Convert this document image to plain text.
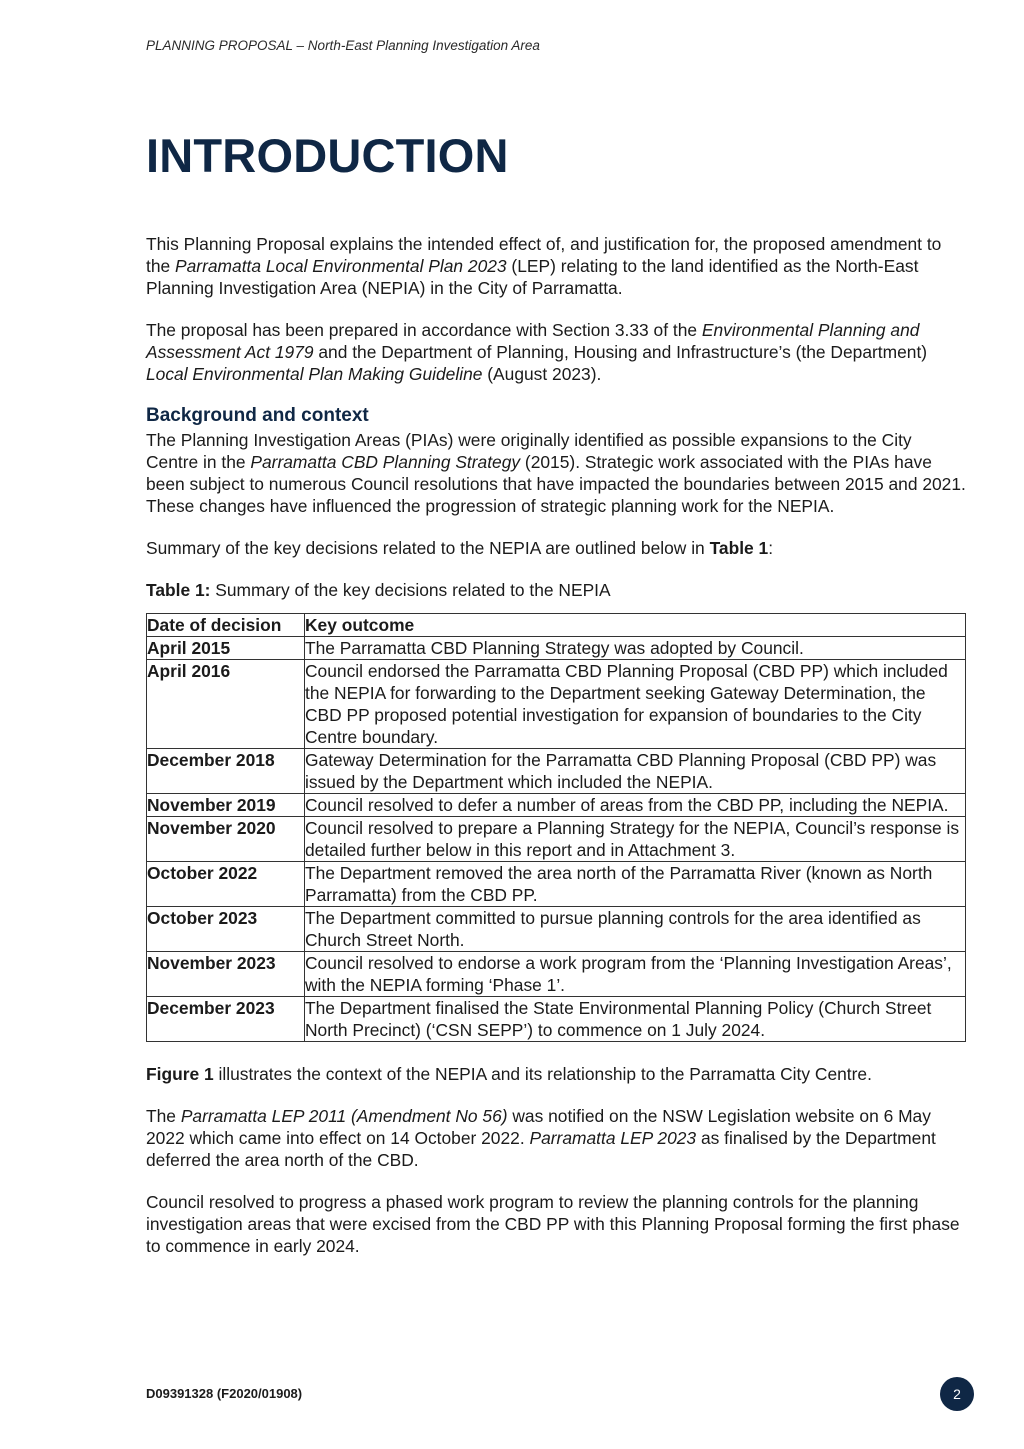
PLANNING PROPOSAL – North-East Planning Investigation Area
INTRODUCTION

This Planning Proposal explains the intended effect of, and justification for, the proposed amendment to the Parramatta Local Environmental Plan 2023 (LEP) relating to the land identified as the North-East Planning Investigation Area (NEPIA) in the City of Parramatta.

The proposal has been prepared in accordance with Section 3.33 of the Environmental Planning and Assessment Act 1979 and the Department of Planning, Housing and Infrastructure’s (the Department) Local Environmental Plan Making Guideline (August 2023).

Background and context

The Planning Investigation Areas (PIAs) were originally identified as possible expansions to the City Centre in the Parramatta CBD Planning Strategy (2015). Strategic work associated with the PIAs have been subject to numerous Council resolutions that have impacted the boundaries between 2015 and 2021. These changes have influenced the progression of strategic planning work for the NEPIA.

Summary of the key decisions related to the NEPIA are outlined below in Table 1:

Table 1: Summary of the key decisions related to the NEPIA

Date of decision	Key outcome
April 2015	The Parramatta CBD Planning Strategy was adopted by Council.
April 2016	Council endorsed the Parramatta CBD Planning Proposal (CBD PP) which included the NEPIA for forwarding to the Department seeking Gateway Determination, the CBD PP proposed potential investigation for expansion of boundaries to the City Centre boundary.
December 2018	Gateway Determination for the Parramatta CBD Planning Proposal (CBD PP) was issued by the Department which included the NEPIA.
November 2019	Council resolved to defer a number of areas from the CBD PP, including the NEPIA.
November 2020	Council resolved to prepare a Planning Strategy for the NEPIA, Council’s response is detailed further below in this report and in Attachment 3.
October 2022	The Department removed the area north of the Parramatta River (known as North Parramatta) from the CBD PP.
October 2023	The Department committed to pursue planning controls for the area identified as Church Street North.
November 2023	Council resolved to endorse a work program from the ‘Planning Investigation Areas’, with the NEPIA forming ‘Phase 1’.
December 2023	The Department finalised the State Environmental Planning Policy (Church Street North Precinct) (‘CSN SEPP’) to commence on 1 July 2024.

Figure 1 illustrates the context of the NEPIA and its relationship to the Parramatta City Centre.

The Parramatta LEP 2011 (Amendment No 56) was notified on the NSW Legislation website on 6 May 2022 which came into effect on 14 October 2022. Parramatta LEP 2023 as finalised by the Department deferred the area north of the CBD.

Council resolved to progress a phased work program to review the planning controls for the planning investigation areas that were excised from the CBD PP with this Planning Proposal forming the first phase to commence in early 2024.

D09391328 (F2020/01908)	2
